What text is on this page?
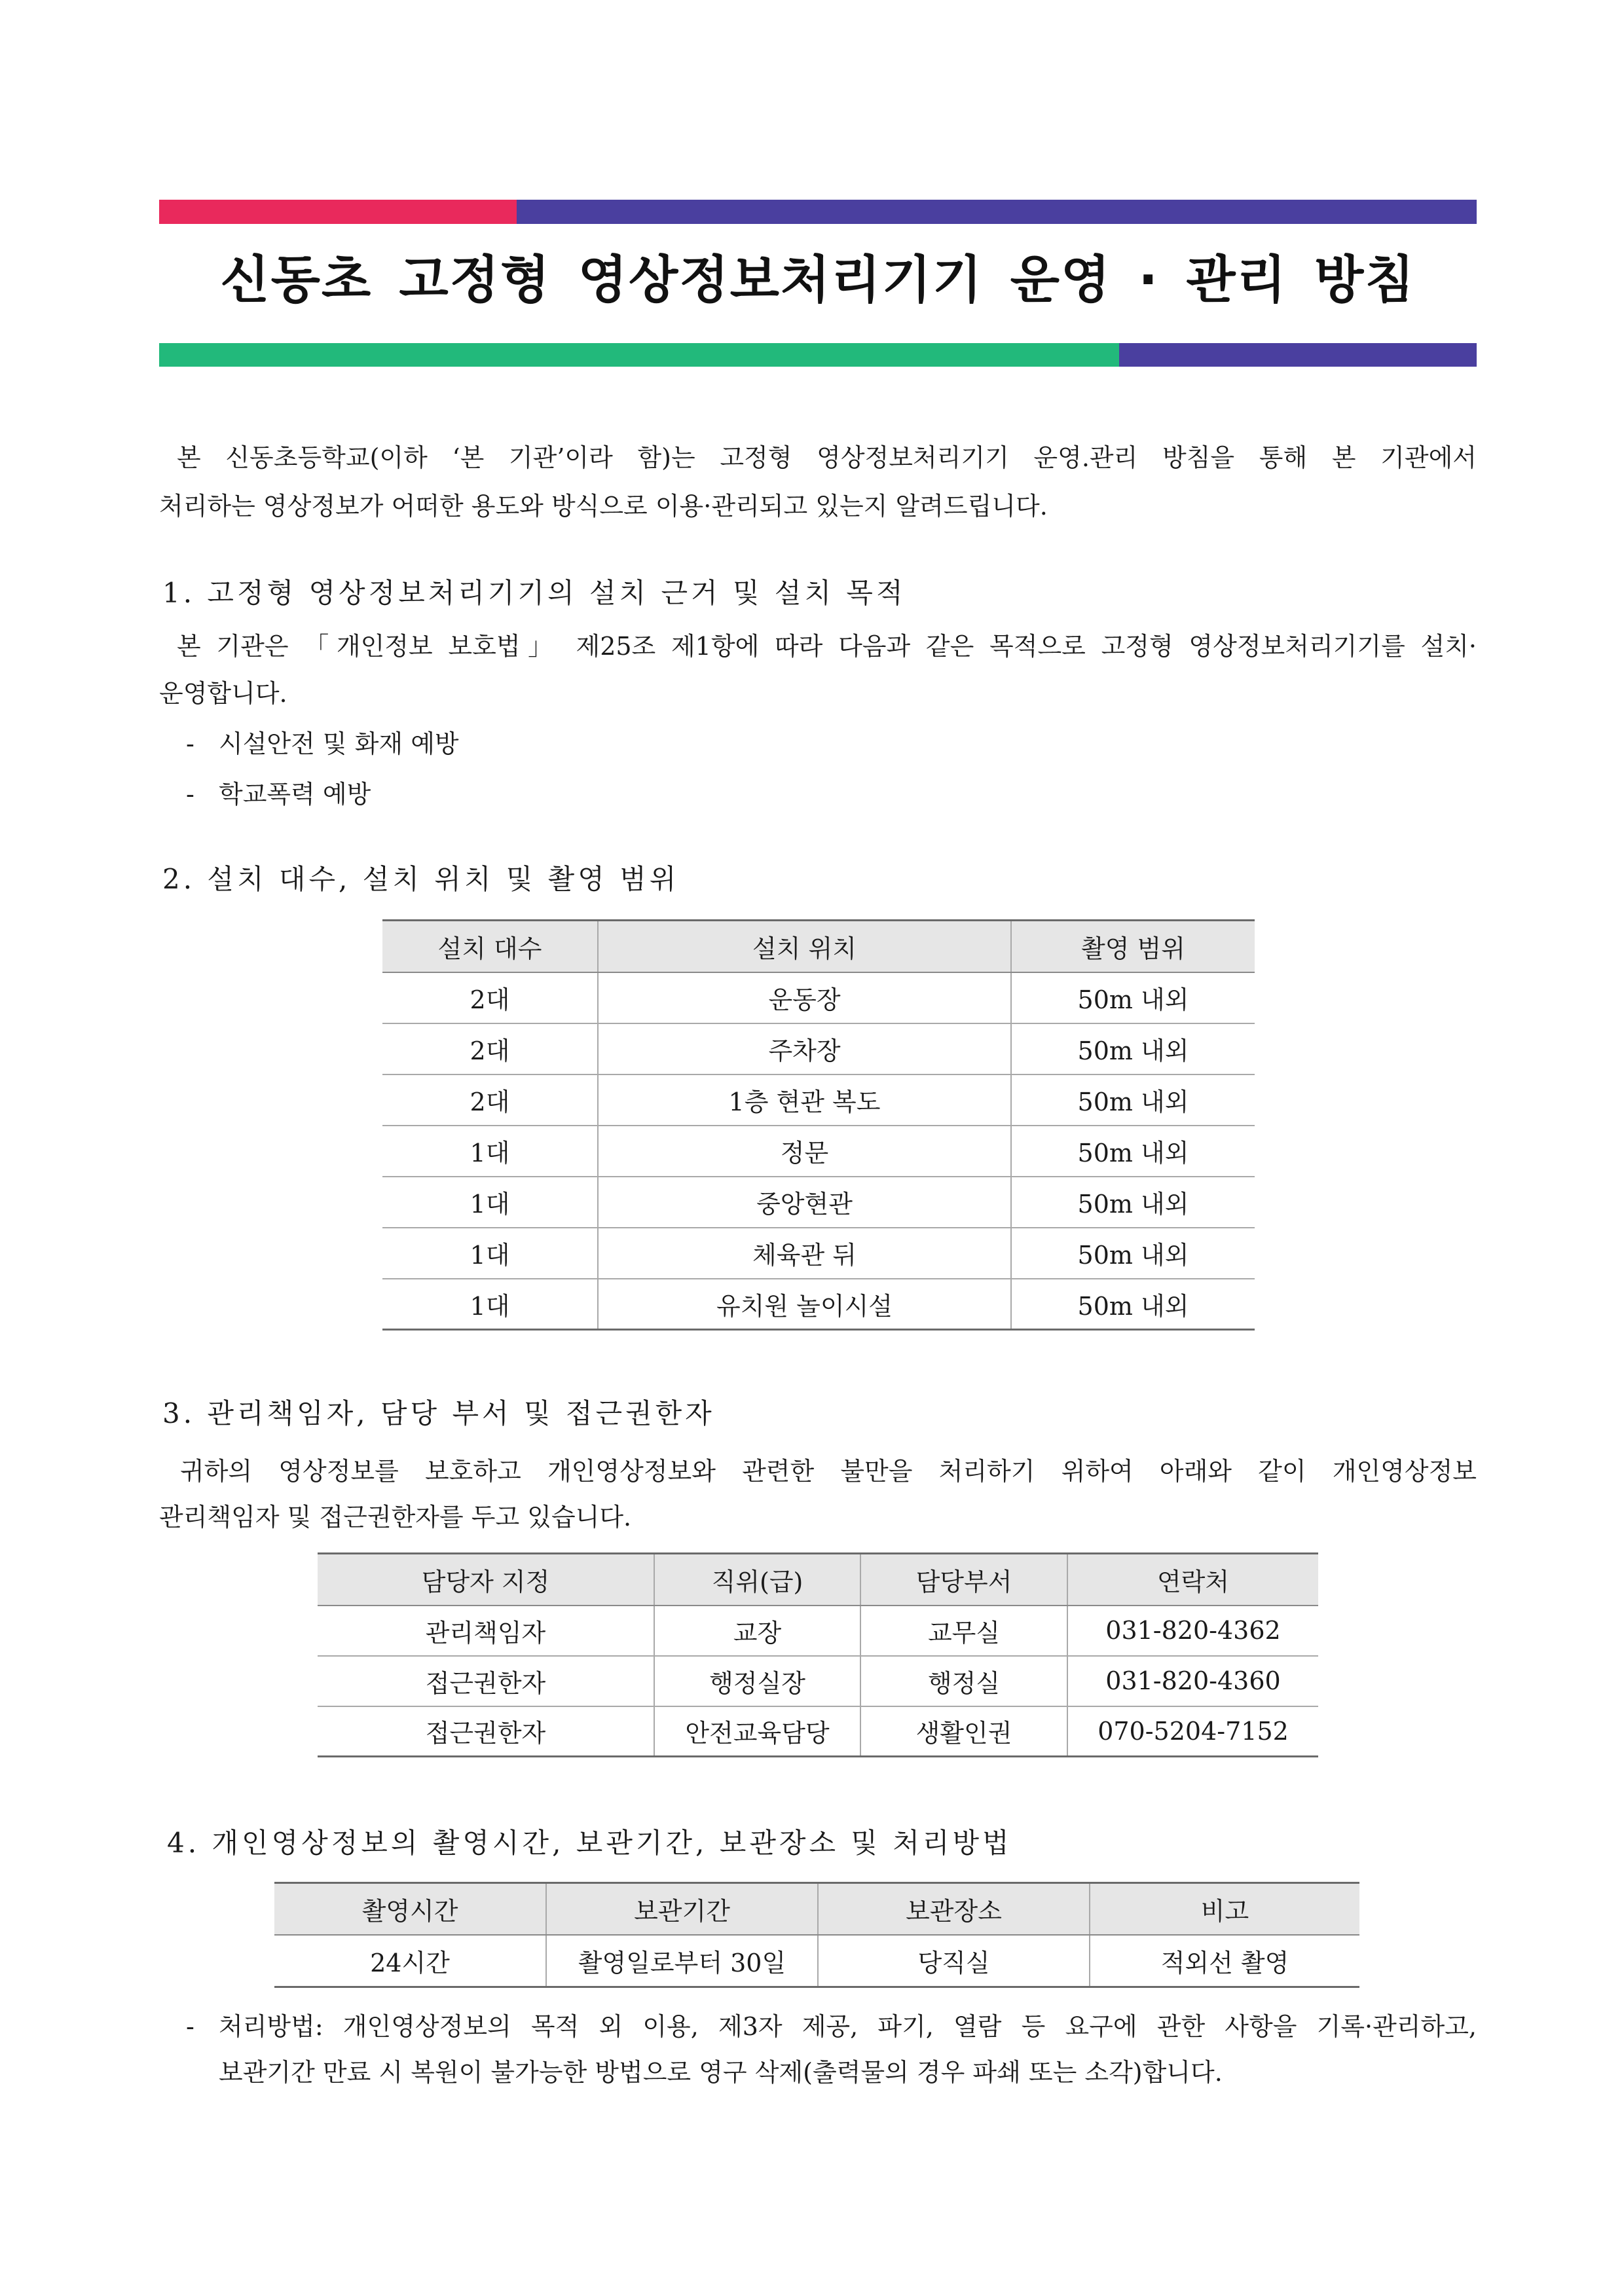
신동초 고정형 영상정보처리기기 운영 · 관리 방침
본 신동초등학교(이하 ‘본 기관’이라 함)는 고정형 영상정보처리기기 운영.관리 방침을 통해 본 기관에서
처리하는 영상정보가 어떠한 용도와 방식으로 이용·관리되고 있는지 알려드립니다.
1. 고정형 영상정보처리기기의 설치 근거 및 설치 목적
본 기관은 「개인정보 보호법」 제25조 제1항에 따라 다음과 같은 목적으로 고정형 영상정보처리기기를 설치·
운영합니다.
- 시설안전 및 화재 예방
- 학교폭력 예방
2. 설치 대수, 설치 위치 및 촬영 범위
설치 대수	설치 위치	촬영 범위
2대	운동장	50m 내외
2대	주차장	50m 내외
2대	1층 현관 복도	50m 내외
1대	정문	50m 내외
1대	중앙현관	50m 내외
1대	체육관 뒤	50m 내외
1대	유치원 놀이시설	50m 내외
3. 관리책임자, 담당 부서 및 접근권한자
귀하의 영상정보를 보호하고 개인영상정보와 관련한 불만을 처리하기 위하여 아래와 같이 개인영상정보
관리책임자 및 접근권한자를 두고 있습니다.
담당자 지정	직위(급)	담당부서	연락처
관리책임자	교장	교무실	031-820-4362
접근권한자	행정실장	행정실	031-820-4360
접근권한자	안전교육담당	생활인권	070-5204-7152
4. 개인영상정보의 촬영시간, 보관기간, 보관장소 및 처리방법
촬영시간	보관기간	보관장소	비고
24시간	촬영일로부터 30일	당직실	적외선 촬영
- 처리방법: 개인영상정보의 목적 외 이용, 제3자 제공, 파기, 열람 등 요구에 관한 사항을 기록·관리하고,
보관기간 만료 시 복원이 불가능한 방법으로 영구 삭제(출력물의 경우 파쇄 또는 소각)합니다.
